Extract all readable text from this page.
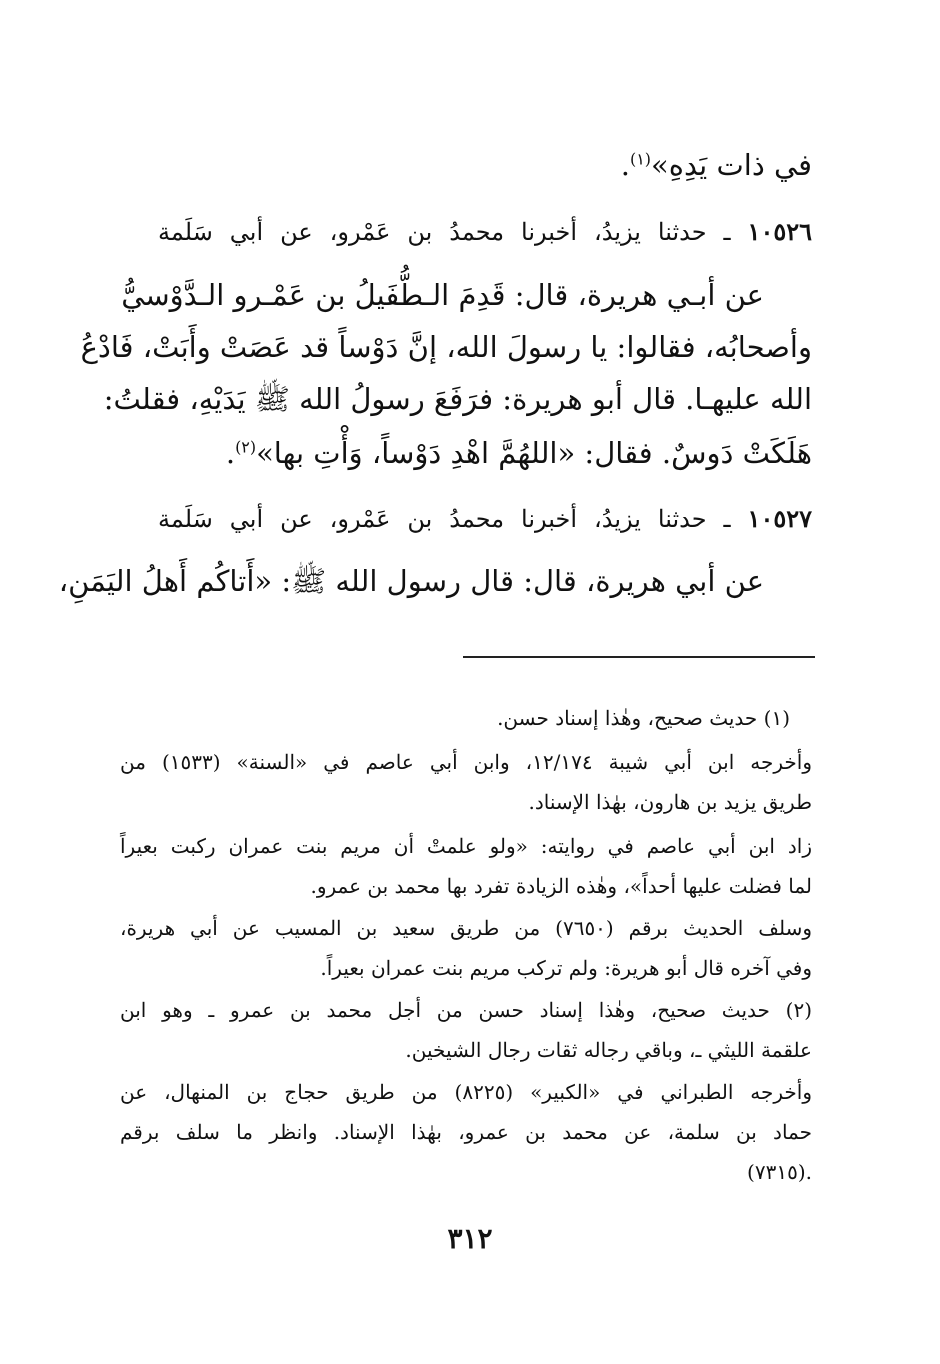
في ذات يَدِهِ»$^{(١)}$.
١٠٥٢٦ ـ حدثنا يزيدُ، أخبرنا محمدُ بن عَمْرو، عن أبي سَلَمة
عن أبـي هريرة، قال: قَدِمَ الـطُّفَيلُ بن عَمْـرو الـدَّوْسيُّ
وأصحابُه، فقالوا: يا رسولَ الله، إنَّ دَوْساً قد عَصَتْ وأَبَتْ، فَادْعُ
الله عليهـا. قال أبو هريرة: فرَفَعَ رسولُ الله ﷺ يَدَيْهِ، فقلتُ:
هَلَكَتْ دَوسٌ. فقال: «اللهُمَّ اهْدِ دَوْساً، وَأْتِ بها»$^{(٢)}$.
١٠٥٢٧ ـ حدثنا يزيدُ، أخبرنا محمدُ بن عَمْرو، عن أبي سَلَمة
عن أبي هريرة، قال: قال رسول الله ﷺ: «أَتاكُم أَهلُ اليَمَنِ،
(١) حديث صحيح، وهٰذا إسناد حسن.
وأخرجه ابن أبي شيبة ١٢/١٧٤، وابن أبي عاصم في «السنة» (١٥٣٣) من
طريق يزيد بن هارون، بهٰذا الإسناد.
زاد ابن أبي عاصم في روايته: «ولو علمتْ أن مريم بنت عمران ركبت بعيراً
لما فضلت عليها أحداً»، وهٰذه الزيادة تفرد بها محمد بن عمرو.
وسلف الحديث برقم (٧٦٥٠) من طريق سعيد بن المسيب عن أبي هريرة،
وفي آخره قال أبو هريرة: ولم تركب مريم بنت عمران بعيراً.
(٢) حديث صحيح، وهٰذا إسناد حسن من أجل محمد بن عمرو ـ وهو ابن
علقمة الليثي ـ، وباقي رجاله ثقات رجال الشيخين.
وأخرجه الطبراني في «الكبير» (٨٢٢٥) من طريق حجاج بن المنهال، عن
حماد بن سلمة، عن محمد بن عمرو، بهٰذا الإسناد. وانظر ما سلف برقم
(٧٣١٥).
٣١٢
